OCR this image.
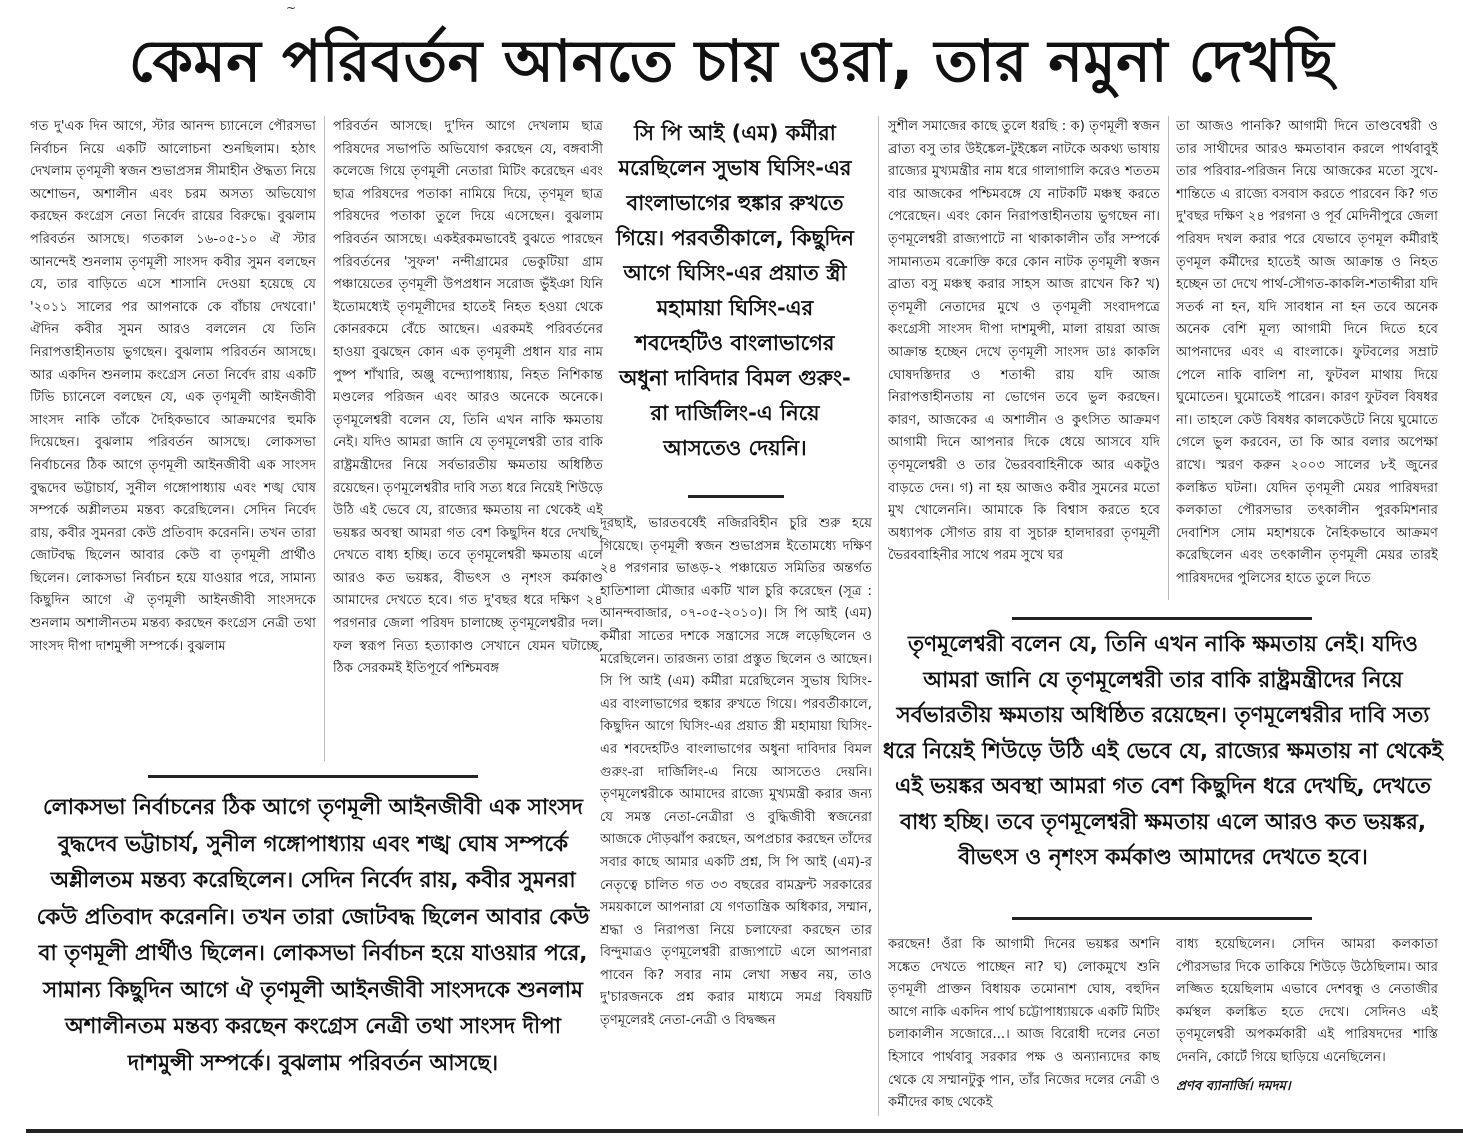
~
কেমন পরিবর্তন আনতে চায় ওরা, তার নমুনা দেখছি

গত দু'এক দিন আগে, স্টার আনন্দ চ্যানেলে পৌরসভা নির্বাচন নিয়ে একটি আলোচনা শুনছিলাম। হঠাৎ দেখলাম তৃণমূলী স্বজন শুভাপ্রসন্ন সীমাহীন ঔদ্ধত্য নিয়ে অশোভন, অশালীন এবং চরম অসত্য অভিযোগ করছেন কংগ্রেস নেতা নির্বেদ রায়ের বিরুদ্ধে। বুঝলাম পরিবর্তন আসছে। গতকাল ১৬-০৫-১০ ঐ স্টার আনন্দেই শুনলাম তৃণমূলী সাংসদ কবীর সুমন বলছেন যে, তার বাড়িতে এসে শাসানি দেওয়া হয়েছে যে '২০১১ সালের পর আপনাকে কে বাঁচায় দেখবো।' ঐদিন কবীর সুমন আরও বললেন যে তিনি নিরাপত্তাহীনতায় ভুগছেন। বুঝলাম পরিবর্তন আসছে। আর একদিন শুনলাম কংগ্রেস নেতা নির্বেদ রায় একটি টিভি চ্যানেলে বলছেন যে, এক তৃণমূলী আইনজীবী সাংসদ নাকি তাঁকে দৈহিকভাবে আক্রমণের হুমকি দিয়েছেন। বুঝলাম পরিবর্তন আসছে। লোকসভা নির্বাচনের ঠিক আগে তৃণমূলী আইনজীবী এক সাংসদ বুদ্ধদেব ভট্টাচার্য, সুনীল গঙ্গোপাধ্যায় এবং শঙ্খ ঘোষ সম্পর্কে অশ্লীলতম মন্তব্য করেছিলেন। সেদিন নির্বেদ রায়, কবীর সুমনরা কেউ প্রতিবাদ করেননি। তখন তারা জোটবদ্ধ ছিলেন আবার কেউ বা তৃণমূলী প্রার্থীও ছিলেন। লোকসভা নির্বাচন হয়ে যাওয়ার পরে, সামান্য কিছুদিন আগে ঐ তৃণমূলী আইনজীবী সাংসদকে শুনলাম অশালীনতম মন্তব্য করছেন কংগ্রেস নেত্রী তথা সাংসদ দীপা দাশমুন্সী সম্পর্কে। বুঝলাম

পরিবর্তন আসছে। দু'দিন আগে দেখলাম ছাত্র পরিষদের সভাপতি অভিযোগ করছেন যে, বঙ্গবাসী কলেজে গিয়ে তৃণমূলী নেতারা মিটিং করেছেন এবং ছাত্র পরিষদের পতাকা নামিয়ে দিয়ে, তৃণমূল ছাত্র পরিষদের পতাকা তুলে দিয়ে এসেছেন। বুঝলাম পরিবর্তন আসছে। একইরকমভাবেই বুঝতে পারছেন পরিবর্তনের 'সুফল' নন্দীগ্রামের ভেকুটিয়া গ্রাম পঞ্চায়েতের তৃণমূলী উপপ্রধান সরোজ ভুঁইঞা যিনি ইতোমধ্যেই তৃণমূলীদের হাতেই নিহত হওয়া থেকে কোনরকমে বেঁচে আছেন। এরকমই পরিবর্তনের হাওয়া বুঝছেন কোন এক তৃণমূলী প্রধান যার নাম পুষ্প শাঁখারি, অঞ্জু বন্দ্যোপাধ্যায়, নিহত নিশিকান্ত মণ্ডলের পরিজন এবং আরও অনেকে অনেকে। তৃণমূলেশ্বরী বলেন যে, তিনি এখন নাকি ক্ষমতায় নেই। যদিও আমরা জানি যে তৃণমূলেশ্বরী তার বাকি রাষ্ট্রমন্ত্রীদের নিয়ে সর্বভারতীয় ক্ষমতায় অধিষ্ঠিত রয়েছেন। তৃণমূলেশ্বরীর দাবি সত্য ধরে নিয়েই শিউড়ে উঠি এই ভেবে যে, রাজ্যের ক্ষমতায় না থেকেই এই ভয়ঙ্কর অবস্থা আমরা গত বেশ কিছুদিন ধরে দেখছি, দেখতে বাধ্য হচ্ছি। তবে তৃণমূলেশ্বরী ক্ষমতায় এলে আরও কত ভয়ঙ্কর, বীভৎস ও নৃশংস কর্মকাণ্ড আমাদের দেখতে হবে। গত দু'বছর ধরে দক্ষিণ ২৪ পরগনার জেলা পরিষদ চালাচ্ছে তৃণমূলেশ্বরীর দল। ফল স্বরূপ নিত্য হত্যাকাণ্ড সেখানে যেমন ঘটাচ্ছে, ঠিক সেরকমই ইতিপূর্বে পশ্চিমবঙ্গ

সি পি আই (এম) কর্মীরা মরেছিলেন সুভাষ ঘিসিং-এর বাংলাভাগের হুঙ্কার রুখতে গিয়ে। পরবর্তীকালে, কিছুদিন আগে ঘিসিং-এর প্রয়াত স্ত্রী মহামায়া ঘিসিং-এর শবদেহটিও বাংলাভাগের অধুনা দাবিদার বিমল গুরুং-রা দার্জিলিং-এ নিয়ে আসতেও দেয়নি।

দূরছাই, ভারতবর্ষেই নজিরবিহীন চুরি শুরু হয়ে গিয়েছে। তৃণমূলী স্বজন শুভাপ্রসন্ন ইতোমধ্যে দক্ষিণ ২৪ পরগনার ভাঙড়-২ পঞ্চায়েত সমিতির অন্তর্গত হাতিশালা মৌজার একটি খাল চুরি করেছেন (সূত্র : আনন্দবাজার, ০৭-০৫-২০১০)। সি পি আই (এম) কর্মীরা সাতের দশকে সন্ত্রাসের সঙ্গে লড়েছিলেন ও মরেছিলেন। তারজন্য তারা প্রস্তুত ছিলেন ও আছেন। সি পি আই (এম) কর্মীরা মরেছিলেন সুভাষ ঘিসিং-এর বাংলাভাগের হুঙ্কার রুখতে গিয়ে। পরবর্তীকালে, কিছুদিন আগে ঘিসিং-এর প্রয়াত স্ত্রী মহামায়া ঘিসিং-এর শবদেহটিও বাংলাভাগের অধুনা দাবিদার বিমল গুরুং-রা দার্জিলিং-এ নিয়ে আসতেও দেয়নি। তৃণমূলেশ্বরীকে আমাদের রাজ্যে মুখ্যমন্ত্রী করার জন্য যে সমস্ত নেতা-নেত্রীরা ও বুদ্ধিজীবী স্বজনেরা আজকে দৌড়ঝাঁপ করছেন, অপপ্রচার করছেন তাঁদের সবার কাছে আমার একটি প্রশ্ন, সি পি আই (এম)-র নেতৃত্বে চালিত গত ৩৩ বছরের বামফ্রন্ট সরকারের সময়কালে আপনারা যে গণতান্ত্রিক অধিকার, সম্মান, শ্রদ্ধা ও নিরাপত্তা নিয়ে চলাফেরা করছেন তার বিন্দুমাত্রও তৃণমূলেশ্বরী রাজ্যপাটে এলে আপনারা পাবেন কি? সবার নাম লেখা সম্ভব নয়, তাও দু'চারজনকে প্রশ্ন করার মাধ্যমে সমগ্র বিষয়টি তৃণমূলেরই নেতা-নেত্রী ও বিদ্বজ্জন

সুশীল সমাজের কাছে তুলে ধরছি : ক) তৃণমূলী স্বজন ব্রাত্য বসু তার উইঙ্কেল-টুইঙ্কেল নাটকে অকথ্য ভাষায় রাজ্যের মুখ্যমন্ত্রীর নাম ধরে গালাগালি করেও শততম বার আজকের পশ্চিমবঙ্গে যে নাটকটি মঞ্চস্থ করতে পেরেছেন। এবং কোন নিরাপত্তাহীনতায় ভুগছেন না। তৃণমূলেশ্বরী রাজ্যপাটে না থাকাকালীন তাঁর সম্পর্কে সামান্যতম বক্রোক্তি করে কোন নাটক তৃণমূলী স্বজন ব্রাত্য বসু মঞ্চস্থ করার সাহস আজ রাখেন কি? খ) তৃণমূলী নেতাদের মুখে ও তৃণমূলী সংবাদপত্রে কংগ্রেসী সাংসদ দীপা দাশমুন্সী, মালা রায়রা আজ আক্রান্ত হচ্ছেন দেখে তৃণমূলী সাংসদ ডাঃ কাকলি ঘোষদস্তিদার ও শতাব্দী রায় যদি আজ নিরাপত্তাহীনতায় না ভোগেন তবে ভুল করছেন। কারণ, আজকের এ অশালীন ও কুৎসিত আক্রমণ আগামী দিনে আপনার দিকে ধেয়ে আসবে যদি তৃণমূলেশ্বরী ও তার ভৈরববাহিনীকে আর একটুও বাড়তে দেন। গ) না হয় আজও কবীর সুমনের মতো মুখ খোলেননি। আমাকে কি বিশ্বাস করতে হবে অধ্যাপক সৌগত রায় বা সুচারু হালদাররা তৃণমূলী ভৈরববাহিনীর সাথে পরম সুখে ঘর

তা আজও পানকি? আগামী দিনে তাণ্ডবেশ্বরী ও তার সাথীদের আরও ক্ষমতাবান করলে পার্থবাবুই তার পরিবার-পরিজন নিয়ে আজকের মতো সুখে-শান্তিতে এ রাজ্যে বসবাস করতে পারবেন কি? গত দু'বছর দক্ষিণ ২৪ পরগনা ও পূর্ব মেদিনীপুরে জেলা পরিষদ দখল করার পরে যেভাবে তৃণমূল কর্মীরাই তৃণমূল কর্মীদের হাতেই আজ আক্রান্ত ও নিহত হচ্ছেন তা দেখে পার্থ-সৌগত-কাকলি-শতাব্দীরা যদি সতর্ক না হন, যদি সাবধান না হন তবে অনেক অনেক বেশি মূল্য আগামী দিনে দিতে হবে আপনাদের এবং এ বাংলাকে। ফুটবলের সম্রাট পেলে নাকি বালিশ না, ফুটবল মাথায় দিয়ে ঘুমোতেন। ঘুমোতেই পারেন। কারণ ফুটবল বিষধর না। তাহলে কেউ বিষধর কালকেউটে নিয়ে ঘুমোতে গেলে ভুল করবেন, তা কি আর বলার অপেক্ষা রাখে। স্মরণ করুন ২০০৩ সালের ৮ই জুনের কলঙ্কিত ঘটনা। যেদিন তৃণমূলী মেয়র পারিষদরা কলকাতা পৌরসভার তৎকালীন পুরকমিশনার দেবাশিস সোম মহাশয়কে নৈহিকভাবে আক্রমণ করেছিলেন এবং তৎকালীন তৃণমূলী মেয়র তারই পারিষদদের পুলিসের হাতে তুলে দিতে

তৃণমূলেশ্বরী বলেন যে, তিনি এখন নাকি ক্ষমতায় নেই। যদিও আমরা জানি যে তৃণমূলেশ্বরী তার বাকি রাষ্ট্রমন্ত্রীদের নিয়ে সর্বভারতীয় ক্ষমতায় অধিষ্ঠিত রয়েছেন। তৃণমূলেশ্বরীর দাবি সত্য ধরে নিয়েই শিউড়ে উঠি এই ভেবে যে, রাজ্যের ক্ষমতায় না থেকেই এই ভয়ঙ্কর অবস্থা আমরা গত বেশ কিছুদিন ধরে দেখছি, দেখতে বাধ্য হচ্ছি। তবে তৃণমূলেশ্বরী ক্ষমতায় এলে আরও কত ভয়ঙ্কর, বীভৎস ও নৃশংস কর্মকাণ্ড আমাদের দেখতে হবে।

করছেন! ওঁরা কি আগামী দিনের ভয়ঙ্কর অশনি সঙ্কেত দেখতে পাচ্ছেন না? ঘ) লোকমুখে শুনি তৃণমূলী প্রাক্তন বিধায়ক তমোনাশ ঘোষ, বহুদিন আগে নাকি একদিন পার্থ চট্টোপাধ্যায়কে একটি মিটিং চলাকালীন সজোরে...। আজ বিরোধী দলের নেতা হিসাবে পার্থবাবু সরকার পক্ষ ও অন্যান্যদের কাছ থেকে যে সম্মানটুকু পান, তাঁর নিজের দলের নেত্রী ও কর্মীদের কাছ থেকেই

বাধ্য হয়েছিলেন। সেদিন আমরা কলকাতা পৌরসভার দিকে তাকিয়ে শিউড়ে উঠেছিলাম। আর লজ্জিত হয়েছিলাম এভাবে দেশবন্ধু ও নেতাজীর কর্মস্থল কলঙ্কিত হতে দেখে। সেদিনও এই তৃণমূলেশ্বরী অপকর্মকারী এই পারিষদদের শাস্তি দেননি, কোর্টে গিয়ে ছাড়িয়ে এনেছিলেন।

প্রণব ব্যানার্জি। দমদম।

লোকসভা নির্বাচনের ঠিক আগে তৃণমূলী আইনজীবী এক সাংসদ বুদ্ধদেব ভট্টাচার্য, সুনীল গঙ্গোপাধ্যায় এবং শঙ্খ ঘোষ সম্পর্কে অশ্লীলতম মন্তব্য করেছিলেন। সেদিন নির্বেদ রায়, কবীর সুমনরা কেউ প্রতিবাদ করেননি। তখন তারা জোটবদ্ধ ছিলেন আবার কেউ বা তৃণমূলী প্রার্থীও ছিলেন। লোকসভা নির্বাচন হয়ে যাওয়ার পরে, সামান্য কিছুদিন আগে ঐ তৃণমূলী আইনজীবী সাংসদকে শুনলাম অশালীনতম মন্তব্য করছেন কংগ্রেস নেত্রী তথা সাংসদ দীপা দাশমুন্সী সম্পর্কে। বুঝলাম পরিবর্তন আসছে।
